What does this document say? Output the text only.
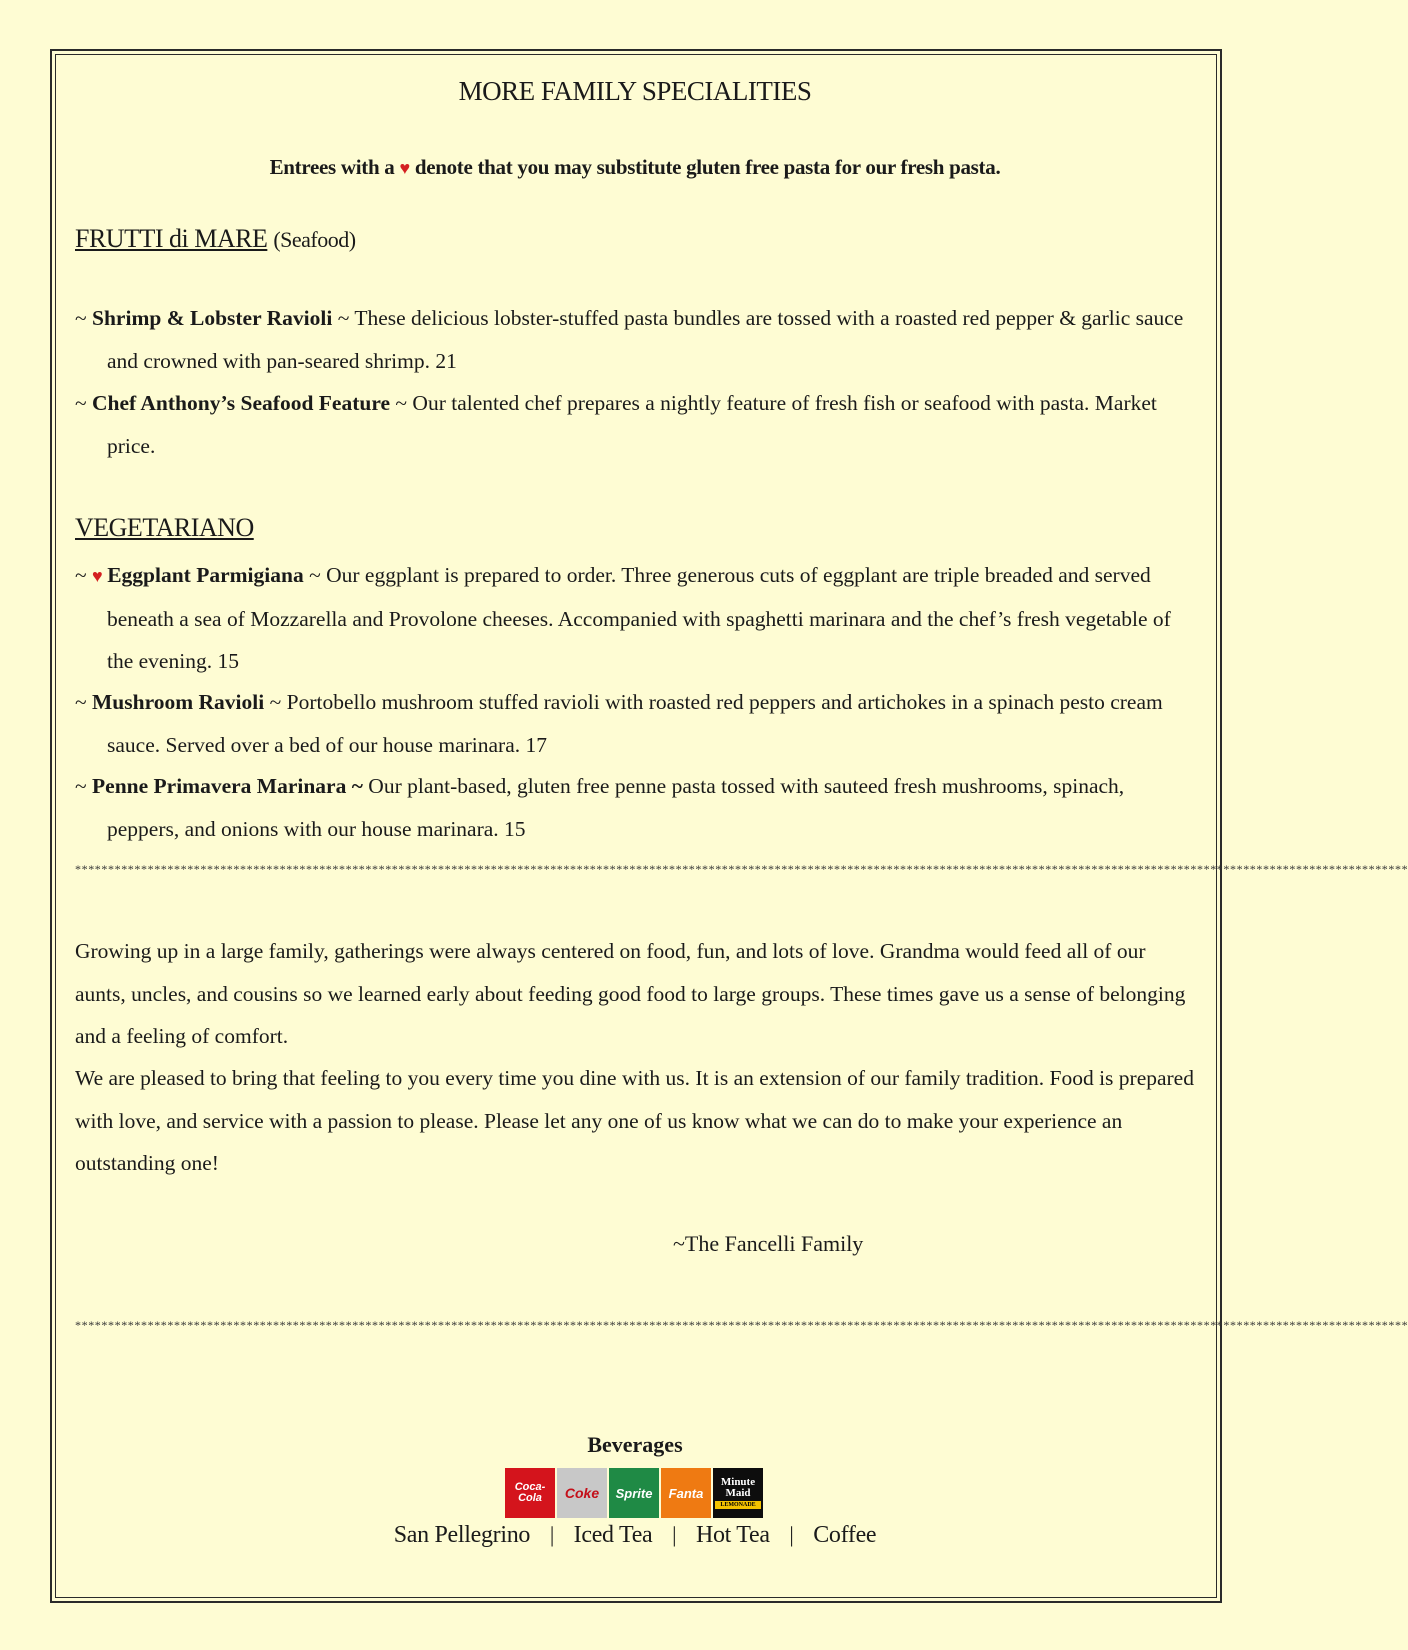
MORE FAMILY SPECIALITIES
Entrees with a ♥ denote that you may substitute gluten free pasta for our fresh pasta.
FRUTTI di MARE (Seafood)
~ Shrimp & Lobster Ravioli ~ These delicious lobster-stuffed pasta bundles are tossed with a roasted red pepper & garlic sauce and crowned with pan-seared shrimp. 21
~ Chef Anthony’s Seafood Feature ~ Our talented chef prepares a nightly feature of fresh fish or seafood with pasta. Market price.
VEGETARIANO
~ ♥ Eggplant Parmigiana ~ Our eggplant is prepared to order. Three generous cuts of eggplant are triple breaded and served beneath a sea of Mozzarella and Provolone cheeses. Accompanied with spaghetti marinara and the chef’s fresh vegetable of the evening. 15
~ Mushroom Ravioli ~ Portobello mushroom stuffed ravioli with roasted red peppers and artichokes in a spinach pesto cream sauce. Served over a bed of our house marinara. 17
~ Penne Primavera Marinara ~ Our plant-based, gluten free penne pasta tossed with sauteed fresh mushrooms, spinach, peppers, and onions with our house marinara. 15
**********************************************************************************************************************************************************************************************************
Growing up in a large family, gatherings were always centered on food, fun, and lots of love. Grandma would feed all of our aunts, uncles, and cousins so we learned early about feeding good food to large groups. These times gave us a sense of belonging and a feeling of comfort.
We are pleased to bring that feeling to you every time you dine with us. It is an extension of our family tradition. Food is prepared with love, and service with a passion to please. Please let any one of us know what we can do to make your experience an outstanding one!
~The Fancelli Family
**********************************************************************************************************************************************************************************************************
Beverages
Coca-Cola	Coke	Sprite	Fanta
Minute Maid
LEMONADE
San Pellegrino | Iced Tea | Hot Tea | Coffee
